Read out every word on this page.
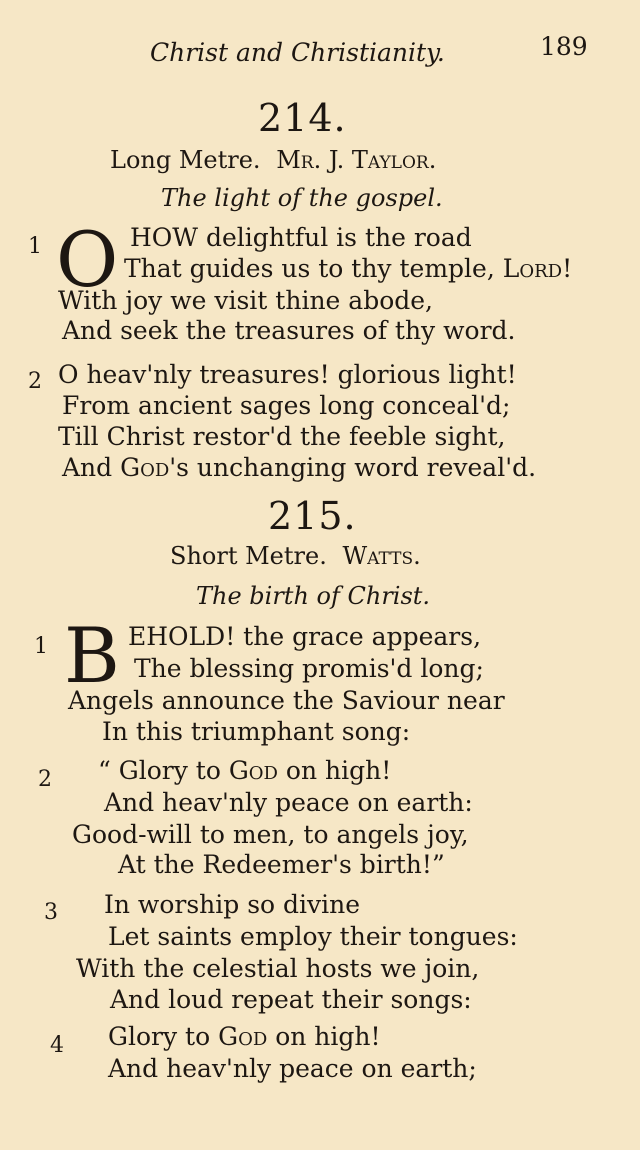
Christ and Christianity.	189
214.
Long Metre. Mr. J. Taylor.
The light of the gospel.
1 O HOW delightful is the road
That guides us to thy temple, Lord!
With joy we visit thine abode,
And seek the treasures of thy word.
2 O heav'nly treasures! glorious light!
From ancient sages long conceal'd;
Till Christ restor'd the feeble sight,
And God's unchanging word reveal'd.
215.
Short Metre. Watts.
The birth of Christ.
1 B EHOLD! the grace appears,
The blessing promis'd long;
Angels announce the Saviour near
In this triumphant song:
2 “ Glory to God on high!
And heav'nly peace on earth:
Good-will to men, to angels joy,
At the Redeemer's birth!”
3 In worship so divine
Let saints employ their tongues:
With the celestial hosts we join,
And loud repeat their songs:
4 Glory to God on high!
And heav'nly peace on earth;
